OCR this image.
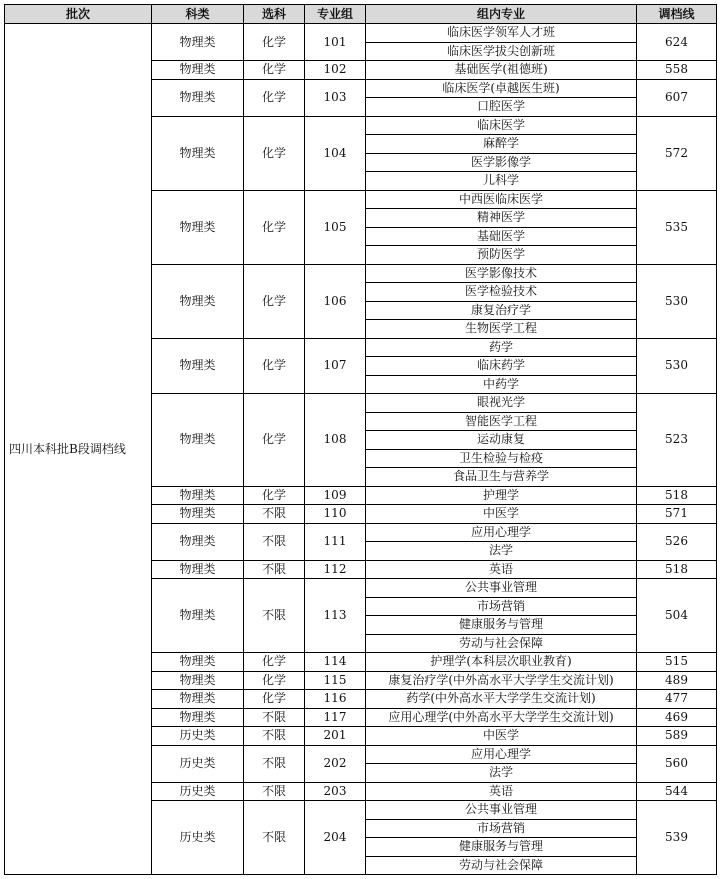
批次	科类	选科	专业组	组内专业	调档线
四川本科批B段调档线	物理类	化学	101	临床医学领军人才班	624
				临床医学拔尖创新班	
	物理类	化学	102	基础医学(祖德班)	558
	物理类	化学	103	临床医学(卓越医生班)	607
				口腔医学	
	物理类	化学	104	临床医学	572
				麻醉学	
				医学影像学	
				儿科学	
	物理类	化学	105	中西医临床医学	535
				精神医学	
				基础医学	
				预防医学	
	物理类	化学	106	医学影像技术	530
				医学检验技术	
				康复治疗学	
				生物医学工程	
	物理类	化学	107	药学	530
				临床药学	
				中药学	
	物理类	化学	108	眼视光学	523
				智能医学工程	
				运动康复	
				卫生检验与检疫	
				食品卫生与营养学	
	物理类	化学	109	护理学	518
	物理类	不限	110	中医学	571
	物理类	不限	111	应用心理学	526
				法学	
	物理类	不限	112	英语	518
	物理类	不限	113	公共事业管理	504
				市场营销	
				健康服务与管理	
				劳动与社会保障	
	物理类	化学	114	护理学(本科层次职业教育)	515
	物理类	化学	115	康复治疗学(中外高水平大学学生交流计划)	489
	物理类	化学	116	药学(中外高水平大学学生交流计划)	477
	物理类	不限	117	应用心理学(中外高水平大学学生交流计划)	469
	历史类	不限	201	中医学	589
	历史类	不限	202	应用心理学	560
				法学	
	历史类	不限	203	英语	544
	历史类	不限	204	公共事业管理	539
				市场营销	
				健康服务与管理	
				劳动与社会保障	
